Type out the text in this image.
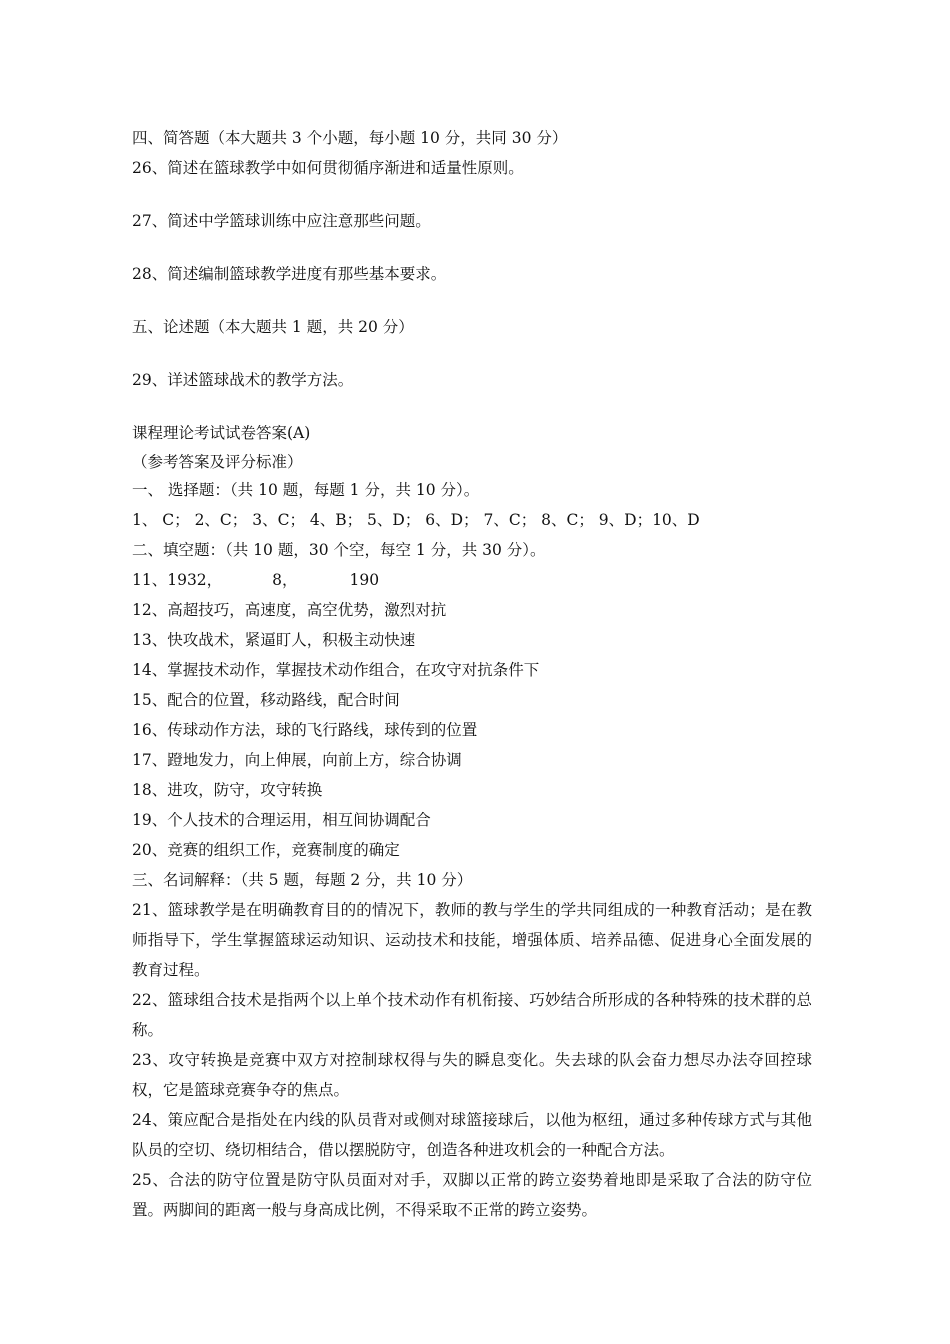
四、简答题（本大题共 3 个小题，每小题 10 分，共同 30 分）
26、简述在篮球教学中如何贯彻循序渐进和适量性原则。
27、简述中学篮球训练中应注意那些问题。
28、简述编制篮球教学进度有那些基本要求。
五、论述题（本大题共 1 题，共 20 分）
29、详述篮球战术的教学方法。
课程理论考试试卷答案(A)
（参考答案及评分标准）
一、 选择题：（共 10 题，每题 1 分，共 10 分）。
1、 C； 2、C； 3、C； 4、B； 5、D； 6、D； 7、C； 8、C； 9、D；10、D
二、填空题：（共 10 题，30 个空，每空 1 分，共 30 分）。
11、1932，	8，	190
12、高超技巧，高速度，高空优势，激烈对抗
13、快攻战术，紧逼盯人，积极主动快速
14、掌握技术动作，掌握技术动作组合，在攻守对抗条件下
15、配合的位置，移动路线，配合时间
16、传球动作方法，球的飞行路线，球传到的位置
17、蹬地发力，向上伸展，向前上方，综合协调
18、进攻，防守，攻守转换
19、个人技术的合理运用，相互间协调配合
20、竞赛的组织工作，竞赛制度的确定
三、名词解释：（共 5 题，每题 2 分，共 10 分）
21、篮球教学是在明确教育目的的情况下，教师的教与学生的学共同组成的一种教育活动；是在教师指导下，学生掌握篮球运动知识、运动技术和技能，增强体质、培养品德、促进身心全面发展的教育过程。
22、篮球组合技术是指两个以上单个技术动作有机衔接、巧妙结合所形成的各种特殊的技术群的总称。
23、攻守转换是竞赛中双方对控制球权得与失的瞬息变化。失去球的队会奋力想尽办法夺回控球权，它是篮球竞赛争夺的焦点。
24、策应配合是指处在内线的队员背对或侧对球篮接球后，以他为枢纽，通过多种传球方式与其他队员的空切、绕切相结合，借以摆脱防守，创造各种进攻机会的一种配合方法。
25、合法的防守位置是防守队员面对对手，双脚以正常的跨立姿势着地即是采取了合法的防守位置。两脚间的距离一般与身高成比例，不得采取不正常的跨立姿势。
